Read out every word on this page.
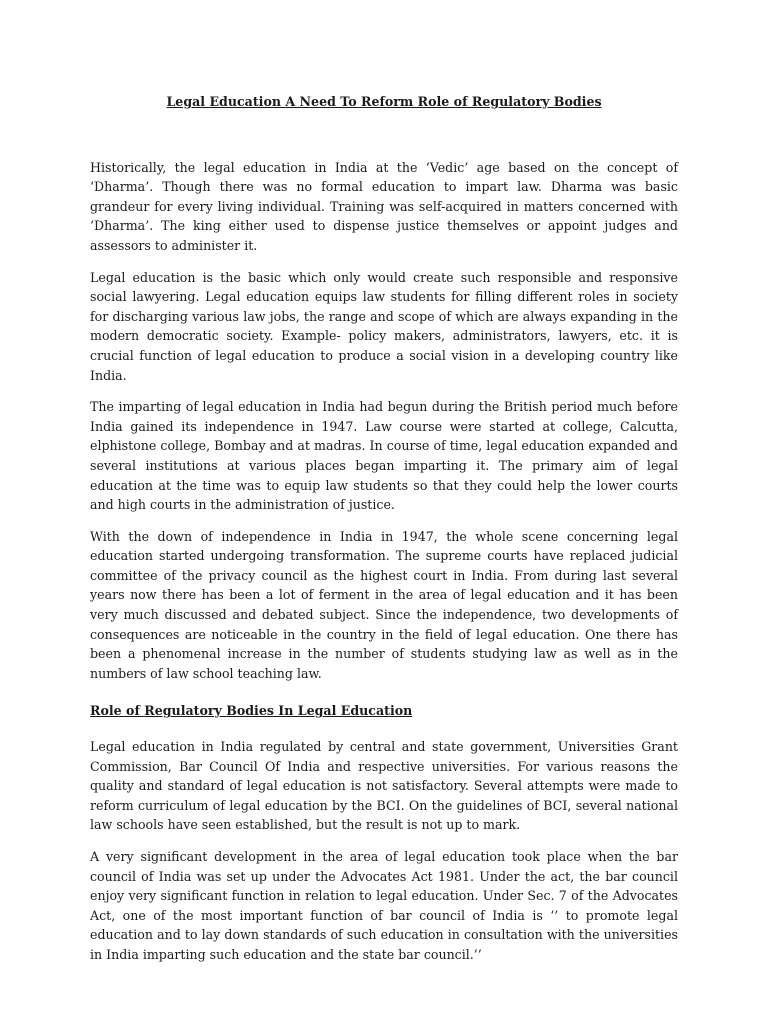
Legal Education A Need To Reform Role of Regulatory Bodies

Historically, the legal education in India at the ‘Vedic’ age based on the concept of ‘Dharma’. Though there was no formal education to impart law. Dharma was basic grandeur for every living individual. Training was self-acquired in matters concerned with ‘Dharma’. The king either used to dispense justice themselves or appoint judges and assessors to administer it.

Legal education is the basic which only would create such responsible and responsive social lawyering. Legal education equips law students for filling different roles in society for discharging various law jobs, the range and scope of which are always expanding in the modern democratic society. Example- policy makers, administrators, lawyers, etc. it is crucial function of legal education to produce a social vision in a developing country like India.

The imparting of legal education in India had begun during the British period much before India gained its independence in 1947. Law course were started at college, Calcutta, elphistone college, Bombay and at madras. In course of time, legal education expanded and several institutions at various places began imparting it. The primary aim of legal education at the time was to equip law students so that they could help the lower courts and high courts in the administration of justice.

With the down of independence in India in 1947, the whole scene concerning legal education started undergoing transformation. The supreme courts have replaced judicial committee of the privacy council as the highest court in India. From during last several years now there has been a lot of ferment in the area of legal education and it has been very much discussed and debated subject. Since the independence, two developments of consequences are noticeable in the country in the field of legal education. One there has been a phenomenal increase in the number of students studying law as well as in the numbers of law school teaching law.

Role of Regulatory Bodies In Legal Education

Legal education in India regulated by central and state government, Universities Grant Commission, Bar Council Of India and respective universities. For various reasons the quality and standard of legal education is not satisfactory. Several attempts were made to reform curriculum of legal education by the BCI. On the guidelines of BCI, several national law schools have seen established, but the result is not up to mark.

A very significant development in the area of legal education took place when the bar council of India was set up under the Advocates Act 1981. Under the act, the bar council enjoy very significant function in relation to legal education. Under Sec. 7 of the Advocates Act, one of the most important function of bar council of India is ‘’ to promote legal education and to lay down standards of such education in consultation with the universities in India imparting such education and the state bar council.’’
